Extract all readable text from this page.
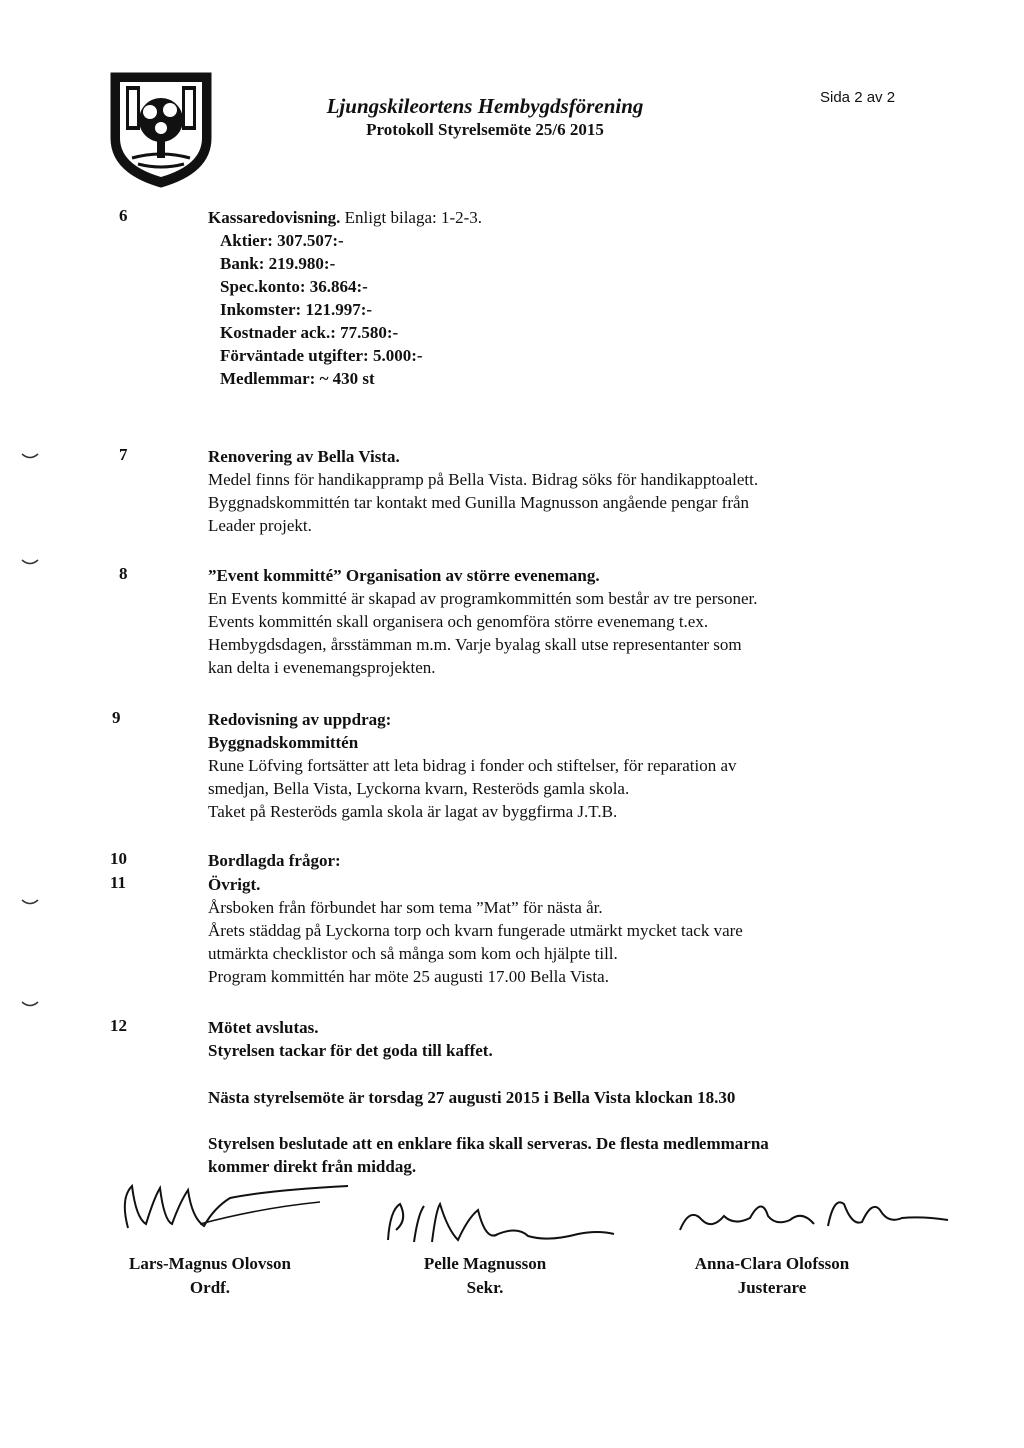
Ljungskileortens Hembygdsförening
Protokoll Styrelsemöte 25/6 2015
Sida 2 av 2
6	Kassaredovisning. Enligt bilaga: 1-2-3.
Aktier: 307.507:-
Bank: 219.980:-
Spec.konto: 36.864:-
Inkomster: 121.997:-
Kostnader ack.: 77.580:-
Förväntade utgifter: 5.000:-
Medlemmar: ~ 430 st
7	Renovering av Bella Vista.
Medel finns för handikappramp på Bella Vista. Bidrag söks för handikapptoalett.
Byggnadskommittén tar kontakt med Gunilla Magnusson angående pengar från
Leader projekt.
8	”Event kommitté” Organisation av större evenemang.
En Events kommitté är skapad av programkommittén som består av tre personer.
Events kommittén skall organisera och genomföra större evenemang t.ex.
Hembygdsdagen, årsstämman m.m. Varje byalag skall utse representanter som
kan delta i evenemangsprojekten.
9	Redovisning av uppdrag:
Byggnadskommittén
Rune Löfving fortsätter att leta bidrag i fonder och stiftelser, för reparation av
smedjan, Bella Vista, Lyckorna kvarn, Resteröds gamla skola.
Taket på Resteröds gamla skola är lagat av byggfirma J.T.B.
10	Bordlagda frågor:
11	Övrigt.
Årsboken från förbundet har som tema ”Mat” för nästa år.
Årets städdag på Lyckorna torp och kvarn fungerade utmärkt mycket tack vare
utmärkta checklistor och så många som kom och hjälpte till.
Program kommittén har möte 25 augusti 17.00 Bella Vista.
12	Mötet avslutas.
Styrelsen tackar för det goda till kaffet.
Nästa styrelsemöte är torsdag 27 augusti 2015 i Bella Vista klockan 18.30
Styrelsen beslutade att en enklare fika skall serveras. De flesta medlemmarna
kommer direkt från middag.
Lars-Magnus Olovson
Ordf.
Pelle Magnusson
Sekr.
Anna-Clara Olofsson
Justerare
